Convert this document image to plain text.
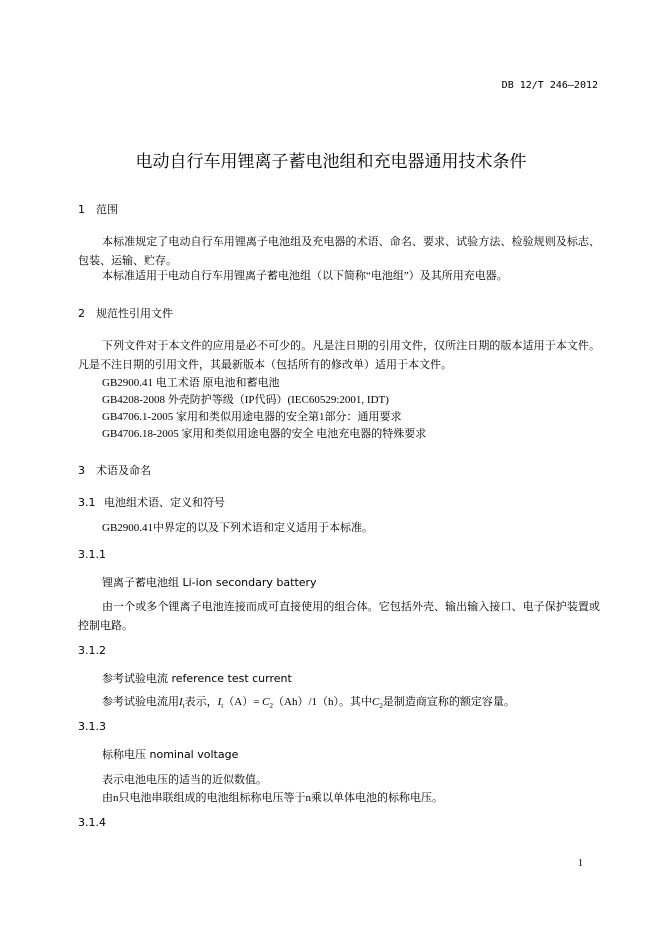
DB 12/T 246—2012
电动自行车用锂离子蓄电池组和充电器通用技术条件
1 范围
本标准规定了电动自行车用锂离子电池组及充电器的术语、命名、要求、试验方法、检验规则及标志、包装、运输、贮存。
本标准适用于电动自行车用锂离子蓄电池组（以下简称“电池组”）及其所用充电器。
2 规范性引用文件
下列文件对于本文件的应用是必不可少的。凡是注日期的引用文件，仅所注日期的版本适用于本文件。凡是不注日期的引用文件，其最新版本（包括所有的修改单）适用于本文件。
GB2900.41 电工术语 原电池和蓄电池
GB4208-2008 外壳防护等级（IP代码）(IEC60529:2001, IDT)
GB4706.1-2005 家用和类似用途电器的安全第1部分：通用要求
GB4706.18-2005 家用和类似用途电器的安全 电池充电器的特殊要求
3 术语及命名
3.1 电池组术语、定义和符号
GB2900.41中界定的以及下列术语和定义适用于本标准。
3.1.1
锂离子蓄电池组 Li-ion secondary battery
由一个或多个锂离子电池连接而成可直接使用的组合体。它包括外壳、输出输入接口、电子保护装置或控制电路。
3.1.2
参考试验电流 reference test current
参考试验电流用$I_t$表示，$I_t(A)= C_2(Ah)/1(h)$。其中$C_2$是制造商宣称的额定容量。
3.1.3
标称电压 nominal voltage
表示电池电压的适当的近似数值。
由n只电池串联组成的电池组标称电压等于n乘以单体电池的标称电压。
3.1.4
1
